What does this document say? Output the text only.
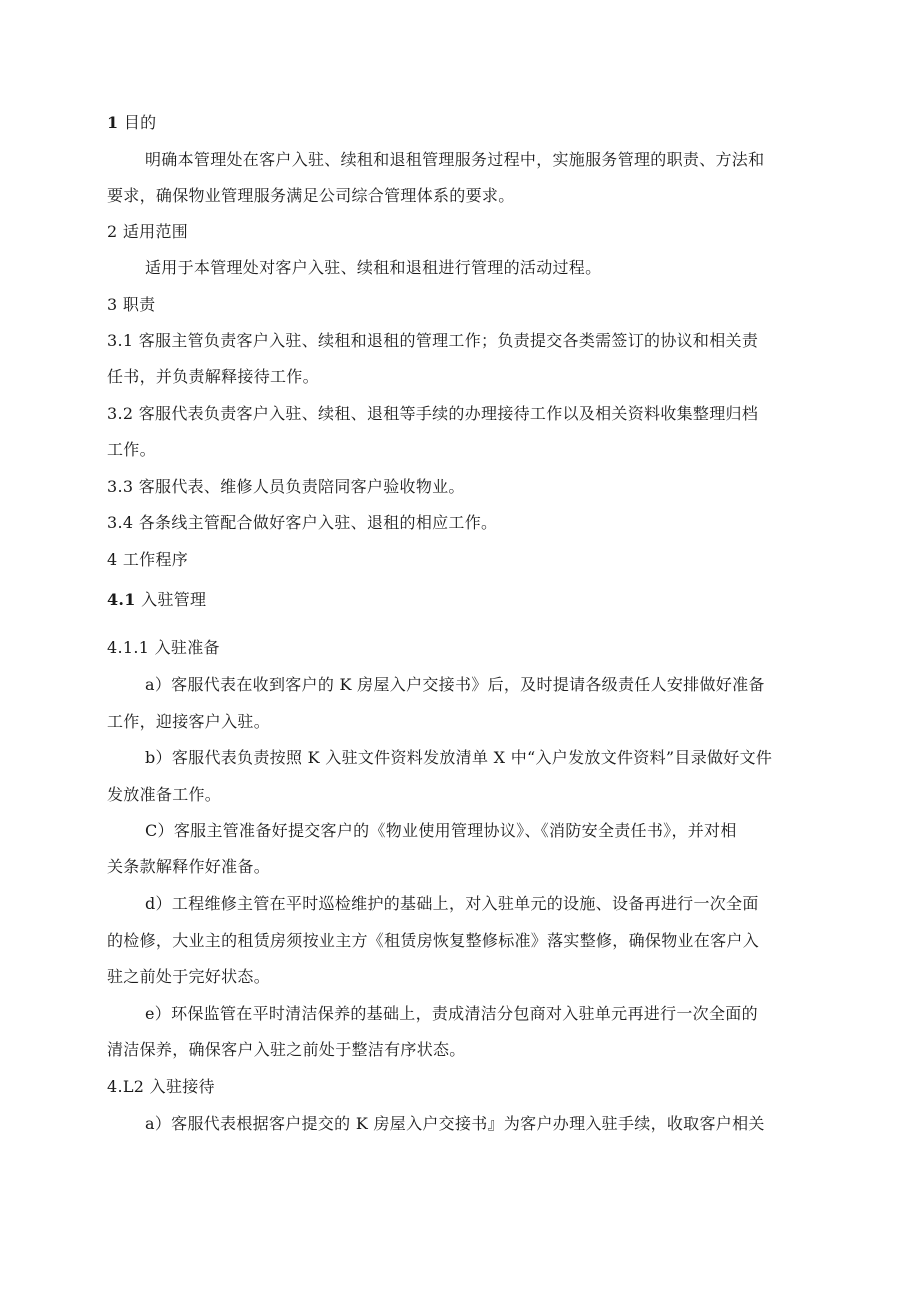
1 目的
明确本管理处在客户入驻、续租和退租管理服务过程中，实施服务管理的职责、方法和
要求，确保物业管理服务满足公司综合管理体系的要求。
2 适用范围
适用于本管理处对客户入驻、续租和退租进行管理的活动过程。
3 职责
3.1 客服主管负责客户入驻、续租和退租的管理工作；负责提交各类需签订的协议和相关责
任书，并负责解释接待工作。
3.2 客服代表负责客户入驻、续租、退租等手续的办理接待工作以及相关资料收集整理归档
工作。
3.3 客服代表、维修人员负责陪同客户验收物业。
3.4 各条线主管配合做好客户入驻、退租的相应工作。
4 工作程序
4.1 入驻管理
4.1.1 入驻准备
a）客服代表在收到客户的 K 房屋入户交接书》后，及时提请各级责任人安排做好准备
工作，迎接客户入驻。
b）客服代表负责按照 K 入驻文件资料发放清单 X 中“入户发放文件资料”目录做好文件
发放准备工作。
C）客服主管准备好提交客户的《物业使用管理协议》、《消防安全责任书》，并对相
关条款解释作好准备。
d）工程维修主管在平时巡检维护的基础上，对入驻单元的设施、设备再进行一次全面
的检修，大业主的租赁房须按业主方《租赁房恢复整修标准》落实整修，确保物业在客户入
驻之前处于完好状态。
e）环保监管在平时清洁保养的基础上，责成清洁分包商对入驻单元再进行一次全面的
清洁保养，确保客户入驻之前处于整洁有序状态。
4.L2 入驻接待
a）客服代表根据客户提交的 K 房屋入户交接书』为客户办理入驻手续，收取客户相关
